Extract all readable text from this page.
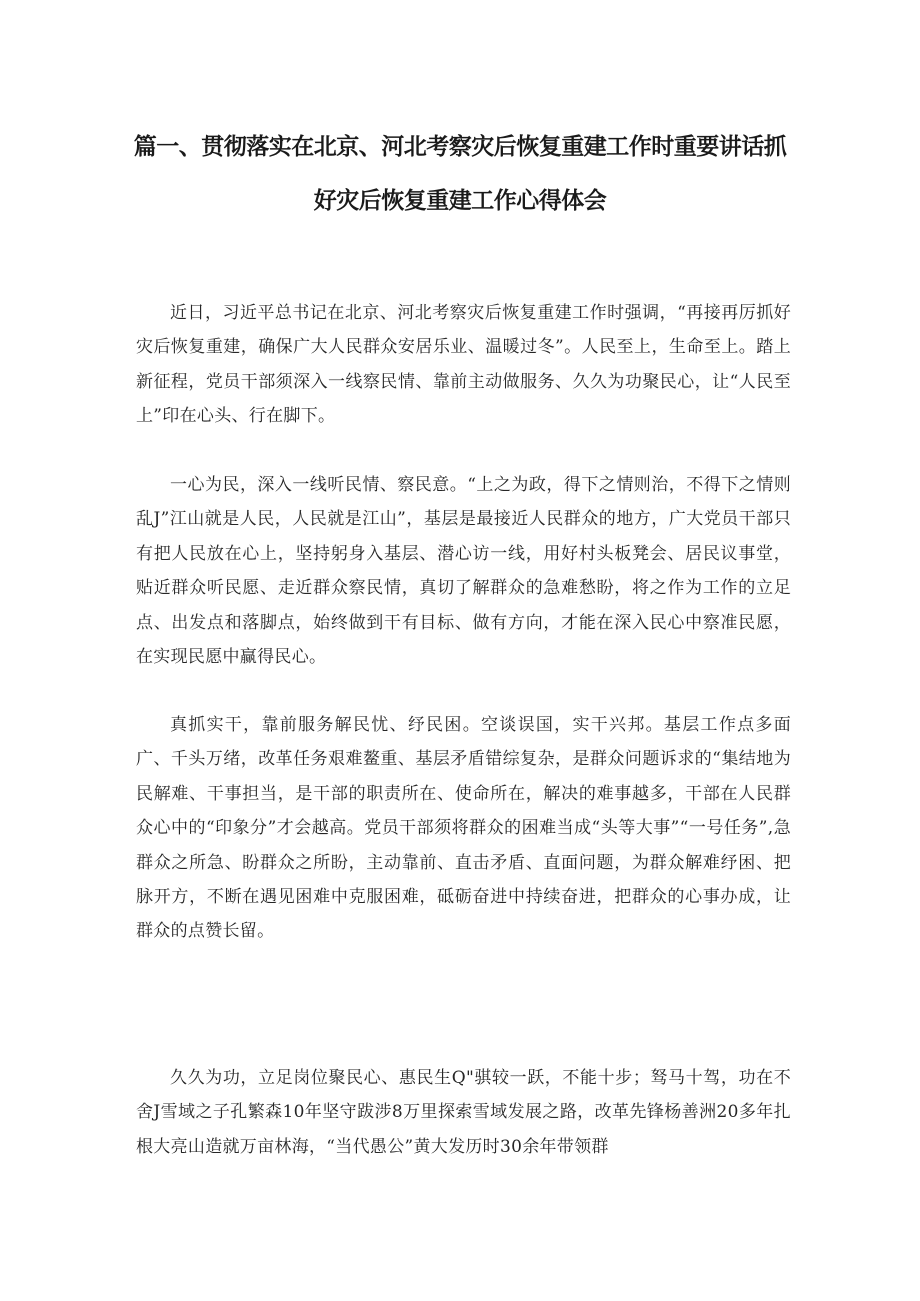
篇一、贯彻落实在北京、河北考察灾后恢复重建工作时重要讲话抓

好灾后恢复重建工作心得体会

近日，习近平总书记在北京、河北考察灾后恢复重建工作时强调，“再接再厉抓好灾后恢复重建，确保广大人民群众安居乐业、温暖过冬”。人民至上，生命至上。踏上新征程，党员干部须深入一线察民情、靠前主动做服务、久久为功聚民心，让“人民至上”印在心头、行在脚下。

一心为民，深入一线听民情、察民意。“上之为政，得下之情则治，不得下之情则乱J”江山就是人民，人民就是江山”，基层是最接近人民群众的地方，广大党员干部只有把人民放在心上，坚持躬身入基层、潜心访一线，用好村头板凳会、居民议事堂，贴近群众听民愿、走近群众察民情，真切了解群众的急难愁盼，将之作为工作的立足点、出发点和落脚点，始终做到干有目标、做有方向，才能在深入民心中察准民愿，在实现民愿中赢得民心。

真抓实干，靠前服务解民忧、纾民困。空谈误国，实干兴邦。基层工作点多面广、千头万绪，改革任务艰难鳌重、基层矛盾错综复杂，是群众问题诉求的“集结地为民解难、干事担当，是干部的职责所在、使命所在，解决的难事越多，干部在人民群众心中的“印象分”才会越高。党员干部须将群众的困难当成“头等大事”“一号任务”,急群众之所急、盼群众之所盼，主动靠前、直击矛盾、直面问题，为群众解难纾困、把脉开方，不断在遇见困难中克服困难，砥砺奋进中持续奋进，把群众的心事办成，让群众的点赞长留。

久久为功，立足岗位聚民心、惠民生Q"骐较一跃，不能十步；驽马十驾，功在不舍J雪域之子孔繁森10年坚守跋涉8万里探索雪域发展之路，改革先锋杨善洲20多年扎根大亮山造就万亩林海，“当代愚公”黄大发历时30余年带领群
